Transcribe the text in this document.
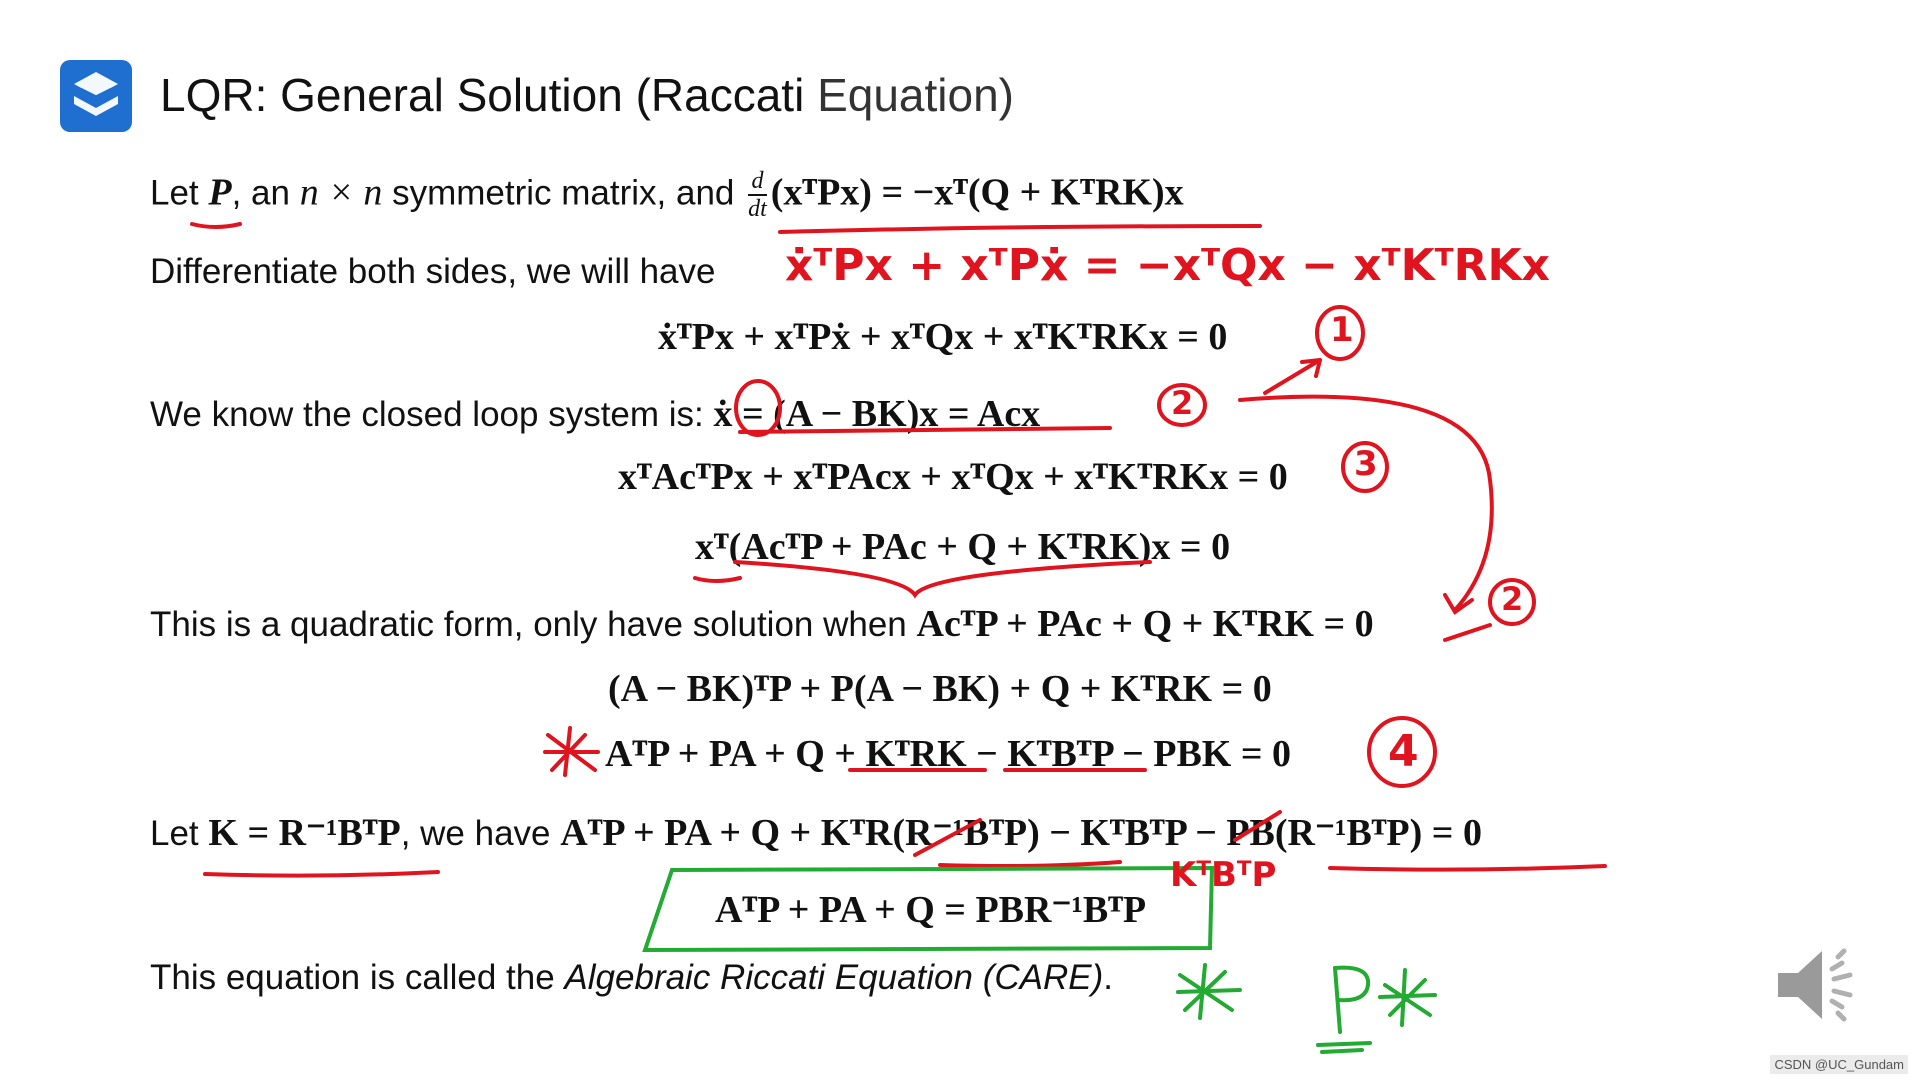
LQR: General Solution (Raccati Equation)
Let P, an n × n symmetric matrix, and $\frac{d}{dt}$ (xᵀPx) = −xᵀ(Q + KᵀRK)x
Differentiate both sides, we will have
ẋᵀPx + xᵀPẋ + xᵀQx + xᵀKᵀRKx = 0
We know the closed loop system is: ẋ = (A − BK)x = Acx
xᵀAcᵀPx + xᵀPAcx + xᵀQx + xᵀKᵀRKx = 0
xᵀ(AcᵀP + PAc + Q + KᵀRK)x = 0
This is a quadratic form, only have solution when AcᵀP + PAc + Q + KᵀRK = 0
(A − BK)ᵀP + P(A − BK) + Q + KᵀRK = 0
AᵀP + PA + Q + KᵀRK − KᵀBᵀP − PBK = 0
Let K = R⁻¹BᵀP, we have AᵀP + PA + Q + KᵀR(R⁻¹BᵀP) − KᵀBᵀP − PB(R⁻¹BᵀP) = 0
AᵀP + PA + Q = PBR⁻¹BᵀP
This equation is called the Algebraic Riccati Equation (CARE).
ẋᵀPx + xᵀPẋ = −xᵀQx − xᵀKᵀRKx
1
2
3
2
4
KᵀBᵀP
CSDN @UC_Gundam
